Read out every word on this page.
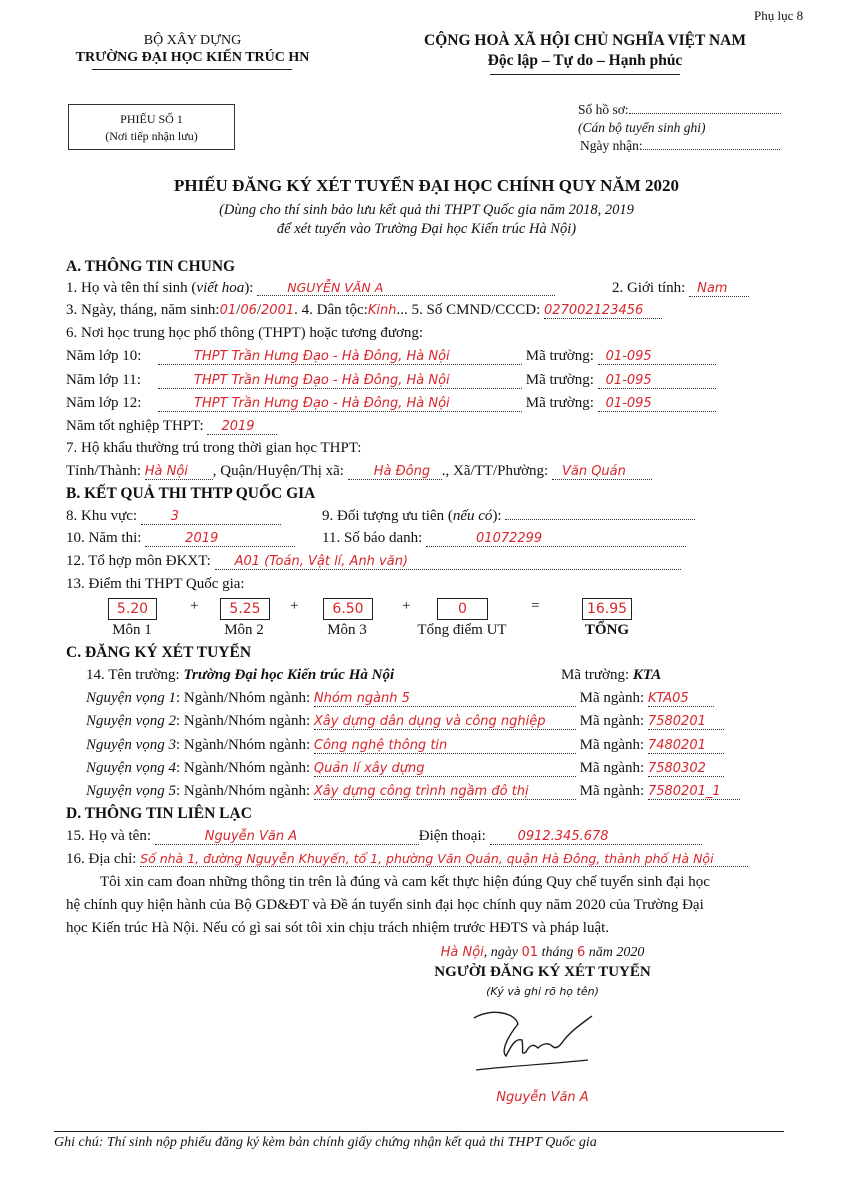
Phụ lục 8
BỘ XÂY DỰNG
TRƯỜNG ĐẠI HỌC KIẾN TRÚC HN
CỘNG HOÀ XÃ HỘI CHỦ NGHĨA VIỆT NAM
Độc lập – Tự do – Hạnh phúc
PHIẾU SỐ 1
(Nơi tiếp nhận lưu)
Số hồ sơ:
(Cán bộ tuyển sinh ghi)
Ngày nhận:
PHIẾU ĐĂNG KÝ XÉT TUYỂN ĐẠI HỌC CHÍNH QUY NĂM 2020
(Dùng cho thí sinh bảo lưu kết quả thi THPT Quốc gia năm 2018, 2019
để xét tuyển vào Trường Đại học Kiến trúc Hà Nội)
A. THÔNG TIN CHUNG
1. Họ và tên thí sinh (viết hoa):	NGUYỄN VĂN A	2. Giới tính: Nam
3. Ngày, tháng, năm sinh:01/06/2001. 4. Dân tộc:Kinh... 5. Số CMND/CCCD: 027002123456
6. Nơi học trung học phổ thông (THPT) hoặc tương đương:
Năm lớp 10:	THPT Trần Hưng Đạo - Hà Đông, Hà Nội	Mã trường: 01-095
Năm lớp 11:	THPT Trần Hưng Đạo - Hà Đông, Hà Nội	Mã trường: 01-095
Năm lớp 12:	THPT Trần Hưng Đạo - Hà Đông, Hà Nội	Mã trường: 01-095
Năm tốt nghiệp THPT: 2019
7. Hộ khẩu thường trú trong thời gian học THPT:
Tỉnh/Thành: Hà Nội , Quận/Huyện/Thị xã: Hà Đông ., Xã/TT/Phường: Văn Quán
B. KẾT QUẢ THI THTP QUỐC GIA
8. Khu vực:	3	9. Đối tượng ưu tiên (nếu có):
10. Năm thi:	2019	11. Số báo danh:	01072299
12. Tổ hợp môn ĐKXT: A01 (Toán, Vật lí, Anh văn)
13. Điểm thi THPT Quốc gia:
5.20	+	5.25	+	6.50	+	0	=	16.95
Môn 1	Môn 2	Môn 3	Tổng điểm UT	TỔNG
C. ĐĂNG KÝ XÉT TUYỂN
14. Tên trường: Trường Đại học Kiến trúc Hà Nội	Mã trường: KTA
Nguyện vọng 1: Ngành/Nhóm ngành: Nhóm ngành 5	Mã ngành: KTA05
Nguyện vọng 2: Ngành/Nhóm ngành: Xây dựng dân dụng và công nghiệp Mã ngành: 7580201
Nguyện vọng 3: Ngành/Nhóm ngành: Công nghệ thông tin	Mã ngành: 7480201
Nguyện vọng 4: Ngành/Nhóm ngành: Quản lí xây dựng	Mã ngành: 7580302
Nguyện vọng 5: Ngành/Nhóm ngành: Xây dựng công trình ngầm đô thị	Mã ngành: 7580201_1
D. THÔNG TIN LIÊN LẠC
15. Họ và tên:	Nguyễn Văn A	Điện thoại: 0912.345.678
16. Địa chỉ: Số nhà 1, đường Nguyễn Khuyến, tổ 1, phường Văn Quán, quận Hà Đông, thành phố Hà Nội
Tôi xin cam đoan những thông tin trên là đúng và cam kết thực hiện đúng Quy chế tuyển sinh đại học
hệ chính quy hiện hành của Bộ GD&ĐT và Đề án tuyển sinh đại học chính quy năm 2020 của Trường Đại
học Kiến trúc Hà Nội. Nếu có gì sai sót tôi xin chịu trách nhiệm trước HĐTS và pháp luật.
Hà Nội, ngày 01 tháng 6 năm 2020
NGƯỜI ĐĂNG KÝ XÉT TUYỂN
(Ký và ghi rõ họ tên)
Nguyễn Văn A
Ghi chú: Thí sinh nộp phiếu đăng ký kèm bản chính giấy chứng nhận kết quả thi THPT Quốc gia
